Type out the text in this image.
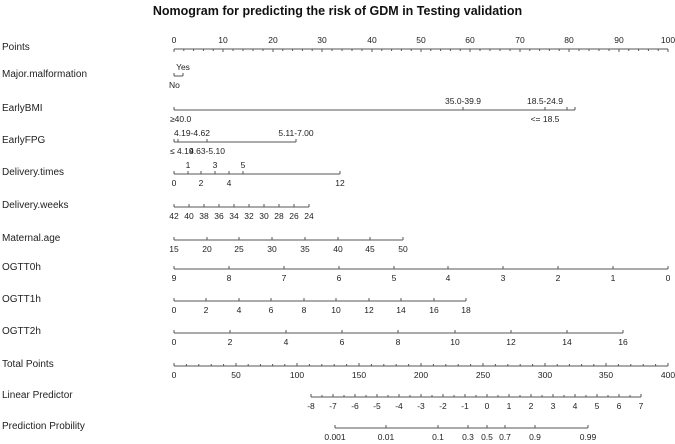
Nomogram for predicting the risk of GDM in Testing validation
Points
0	10	20	30	40	50	60	70	80	90	100
Major.malformation
No
Yes
EarlyBMI
≥40.0
35.0-39.9	18.5-24.9
<= 18.5
EarlyFPG
≤ 4.19
4.19-4.62
4.63-5.10
5.11-7.00
Delivery.times
0
1
2
3
4
5
12
Delivery.weeks
42 40 38 36 34 32 30 28 26 24
Maternal.age
15	20	25	30	35	40	45	50
OGTT0h
9	8	7	6	5	4	3	2	1	0
OGTT1h
0	2	4	6	8	10	12	14	16	18
OGTT2h
0	2	4	6	8	10	12	14	16
Total Points
0	50	100	150	200	250	300	350	400
Linear Predictor
-8 -7 -6 -5 -4 -3 -2 -1 0 1 2 3 4 5 6 7
Prediction Probility
0.001	0.01	0.1 0.3 0.5 0.7 0.9	0.99
